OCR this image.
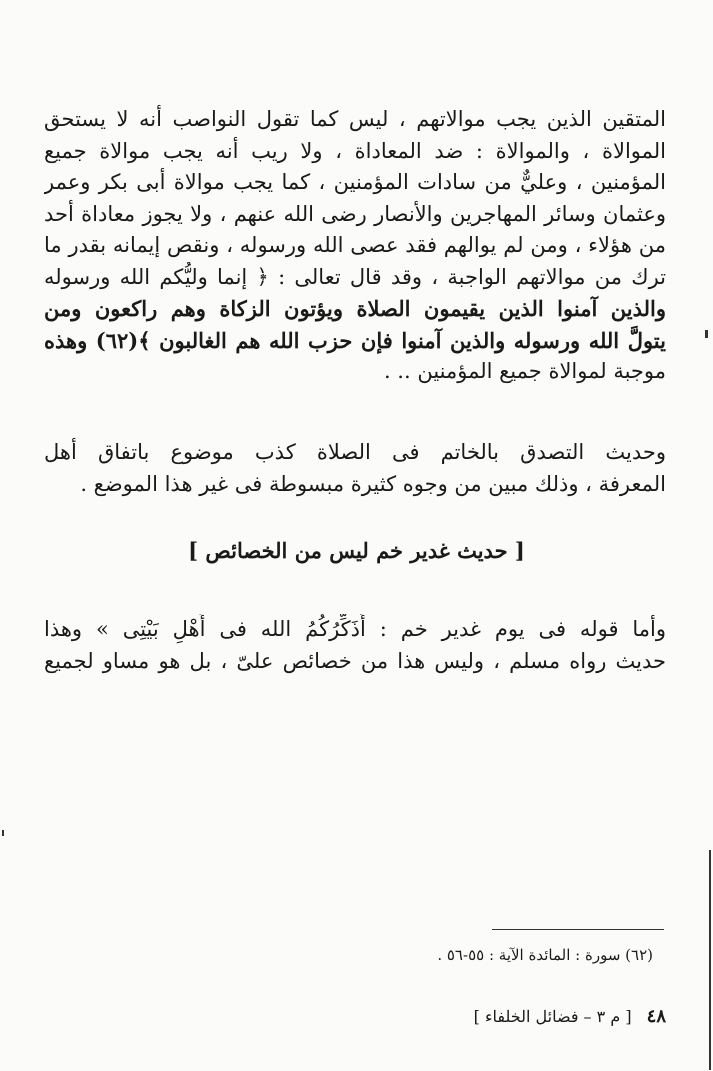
المتقين الذين يجب موالاتهم ، ليس كما تقول النواصب أنه لا يستحق
الموالاة ، والموالاة : ضد المعاداة ، ولا ريب أنه يجب موالاة جميع
المؤمنين ، وعليٌّ من سادات المؤمنين ، كما يجب موالاة أبى بكر وعمر
وعثمان وسائر المهاجرين والأنصار رضى الله عنهم ، ولا يجوز معاداة أحد
من هؤلاء ، ومن لم يوالهم فقد عصى الله ورسوله ، ونقص إيمانه بقدر ما
ترك من موالاتهم الواجبة ، وقد قال تعالى : ﴿ إنما وليُّكم الله ورسوله
والذين آمنوا الذين يقيمون الصلاة ويؤتون الزكاة وهم راكعون ومن
يتولَّ الله ورسوله والذين آمنوا فإن حزب الله هم الغالبون ﴾(٦٢) وهذه
موجبة لموالاة جميع المؤمنين .. .
وحديث التصدق بالخاتم فى الصلاة كذب موضوع باتفاق أهل
المعرفة ، وذلك مبين من وجوه كثيرة مبسوطة فى غير هذا الموضع .
[ حديث غدير خم ليس من الخصائص ]
وأما قوله فى يوم غدير خم : أُذَكِّرُكُمُ الله فى أَهْلِ بَيْتِى » وهذا
حديث رواه مسلم ، وليس هذا من خصائص علىّ ، بل هو مساو لجميع
(٦٢) سورة : المائدة الآية : ٥٥-٥٦ .
٤٨ [ م ٣ – فضائل الخلفاء ]
